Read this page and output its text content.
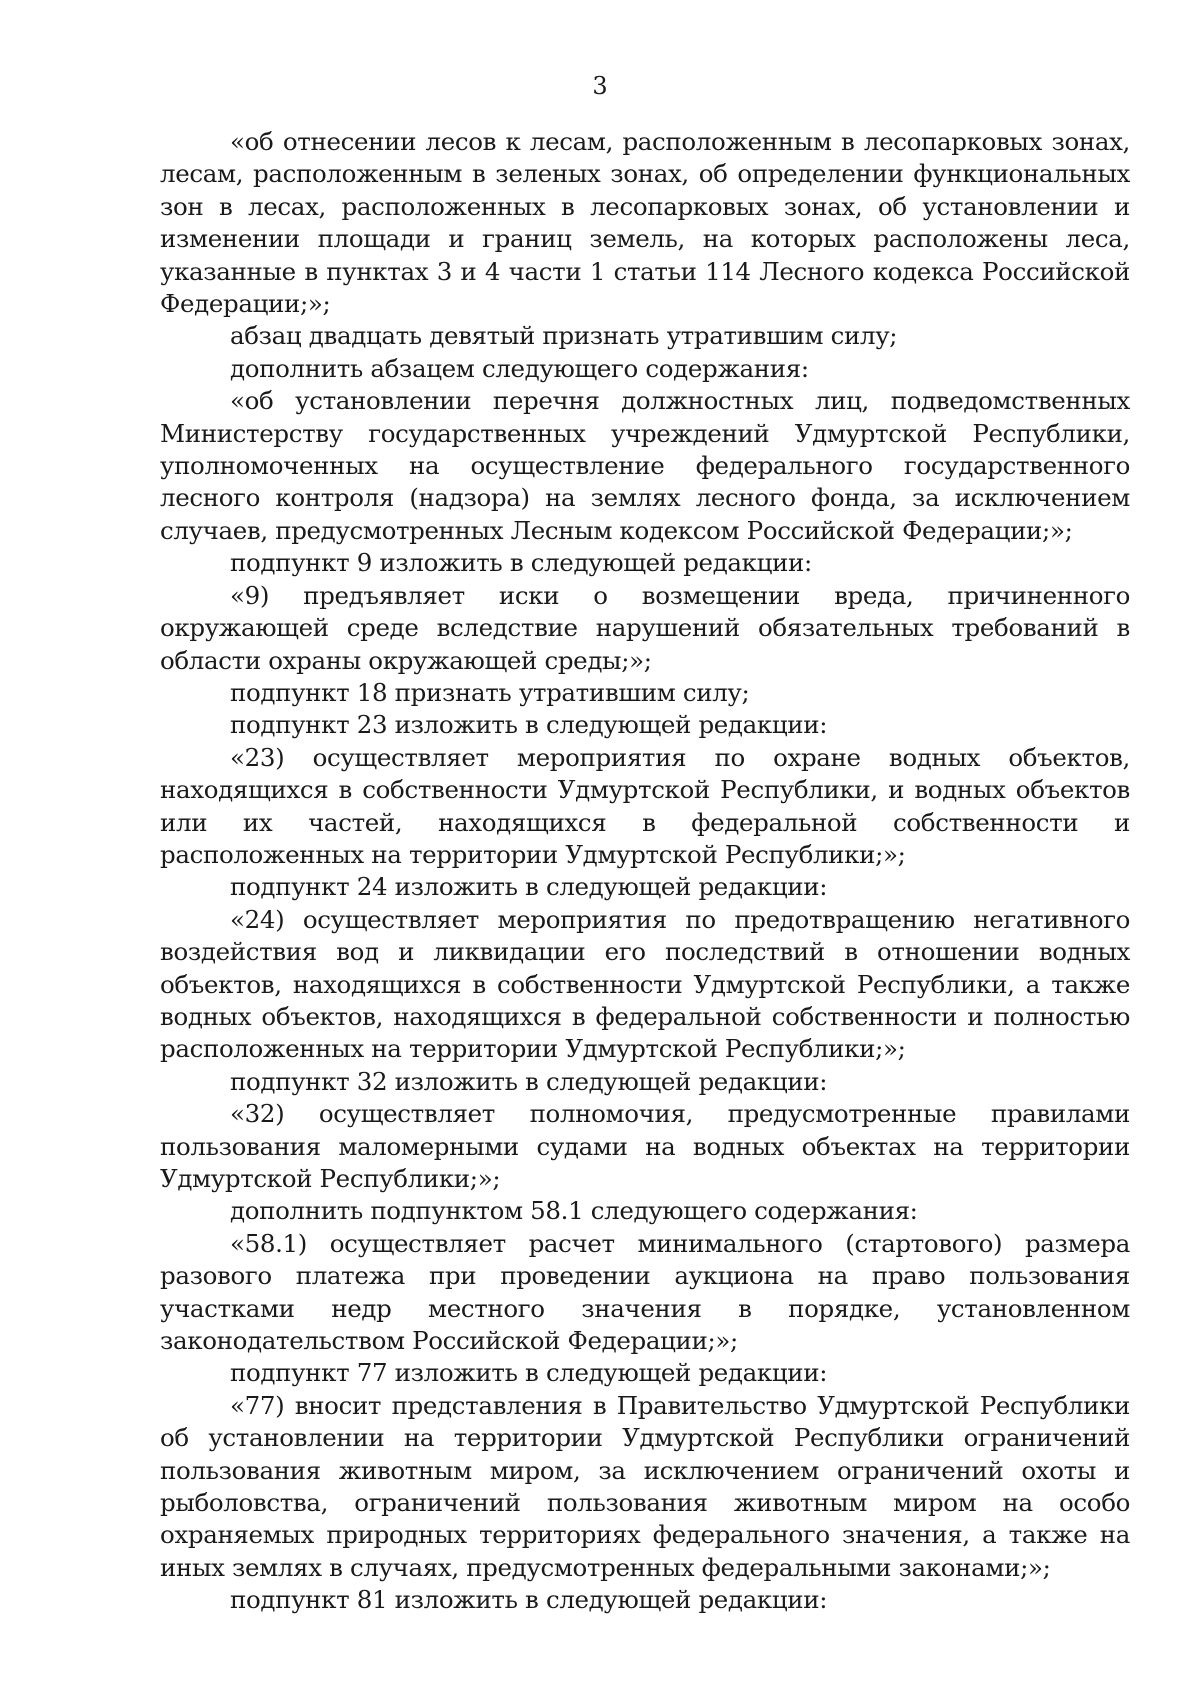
3

«об отнесении лесов к лесам, расположенным в лесопарковых зонах, лесам, расположенным в зеленых зонах, об определении функциональных зон в лесах, расположенных в лесопарковых зонах, об установлении и изменении площади и границ земель, на которых расположены леса, указанные в пунктах 3 и 4 части 1 статьи 114 Лесного кодекса Российской Федерации;»;

абзац двадцать девятый признать утратившим силу;

дополнить абзацем следующего содержания:

«об установлении перечня должностных лиц, подведомственных Министерству государственных учреждений Удмуртской Республики, уполномоченных на осуществление федерального государственного лесного контроля (надзора) на землях лесного фонда, за исключением случаев, предусмотренных Лесным кодексом Российской Федерации;»;

подпункт 9 изложить в следующей редакции:

«9) предъявляет иски о возмещении вреда, причиненного окружающей среде вследствие нарушений обязательных требований в области охраны окружающей среды;»;

подпункт 18 признать утратившим силу;

подпункт 23 изложить в следующей редакции:

«23) осуществляет мероприятия по охране водных объектов, находящихся в собственности Удмуртской Республики, и водных объектов или их частей, находящихся в федеральной собственности и расположенных на территории Удмуртской Республики;»;

подпункт 24 изложить в следующей редакции:

«24) осуществляет мероприятия по предотвращению негативного воздействия вод и ликвидации его последствий в отношении водных объектов, находящихся в собственности Удмуртской Республики, а также водных объектов, находящихся в федеральной собственности и полностью расположенных на территории Удмуртской Республики;»;

подпункт 32 изложить в следующей редакции:

«32) осуществляет полномочия, предусмотренные правилами пользования маломерными судами на водных объектах на территории Удмуртской Республики;»;

дополнить подпунктом 58.1 следующего содержания:

«58.1) осуществляет расчет минимального (стартового) размера разового платежа при проведении аукциона на право пользования участками недр местного значения в порядке, установленном законодательством Российской Федерации;»;

подпункт 77 изложить в следующей редакции:

«77) вносит представления в Правительство Удмуртской Республики об установлении на территории Удмуртской Республики ограничений пользования животным миром, за исключением ограничений охоты и рыболовства, ограничений пользования животным миром на особо охраняемых природных территориях федерального значения, а также на иных землях в случаях, предусмотренных федеральными законами;»;

подпункт 81 изложить в следующей редакции:
